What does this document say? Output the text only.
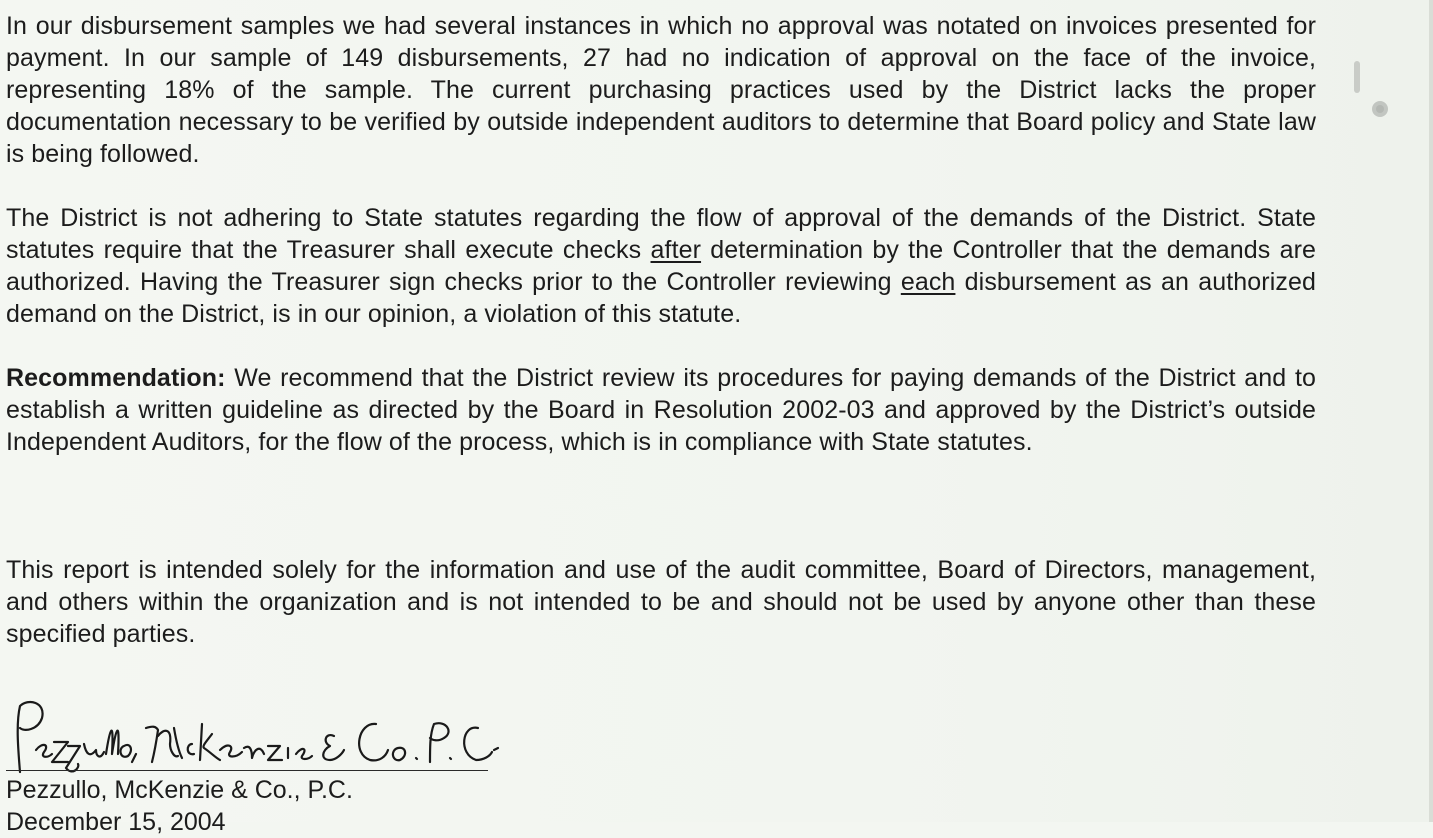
In our disbursement samples we had several instances in which no approval was notated on invoices presented for payment. In our sample of 149 disbursements, 27 had no indication of approval on the face of the invoice, representing 18% of the sample. The current purchasing practices used by the District lacks the proper documentation necessary to be verified by outside independent auditors to determine that Board policy and State law is being followed.
The District is not adhering to State statutes regarding the flow of approval of the demands of the District. State statutes require that the Treasurer shall execute checks after determination by the Controller that the demands are authorized. Having the Treasurer sign checks prior to the Controller reviewing each disbursement as an authorized demand on the District, is in our opinion, a violation of this statute.
Recommendation: We recommend that the District review its procedures for paying demands of the District and to establish a written guideline as directed by the Board in Resolution 2002-03 and approved by the District’s outside Independent Auditors, for the flow of the process, which is in compliance with State statutes.
This report is intended solely for the information and use of the audit committee, Board of Directors, management, and others within the organization and is not intended to be and should not be used by anyone other than these specified parties.
Pezzullo, McKenzie & Co., P.C.
December 15, 2004
